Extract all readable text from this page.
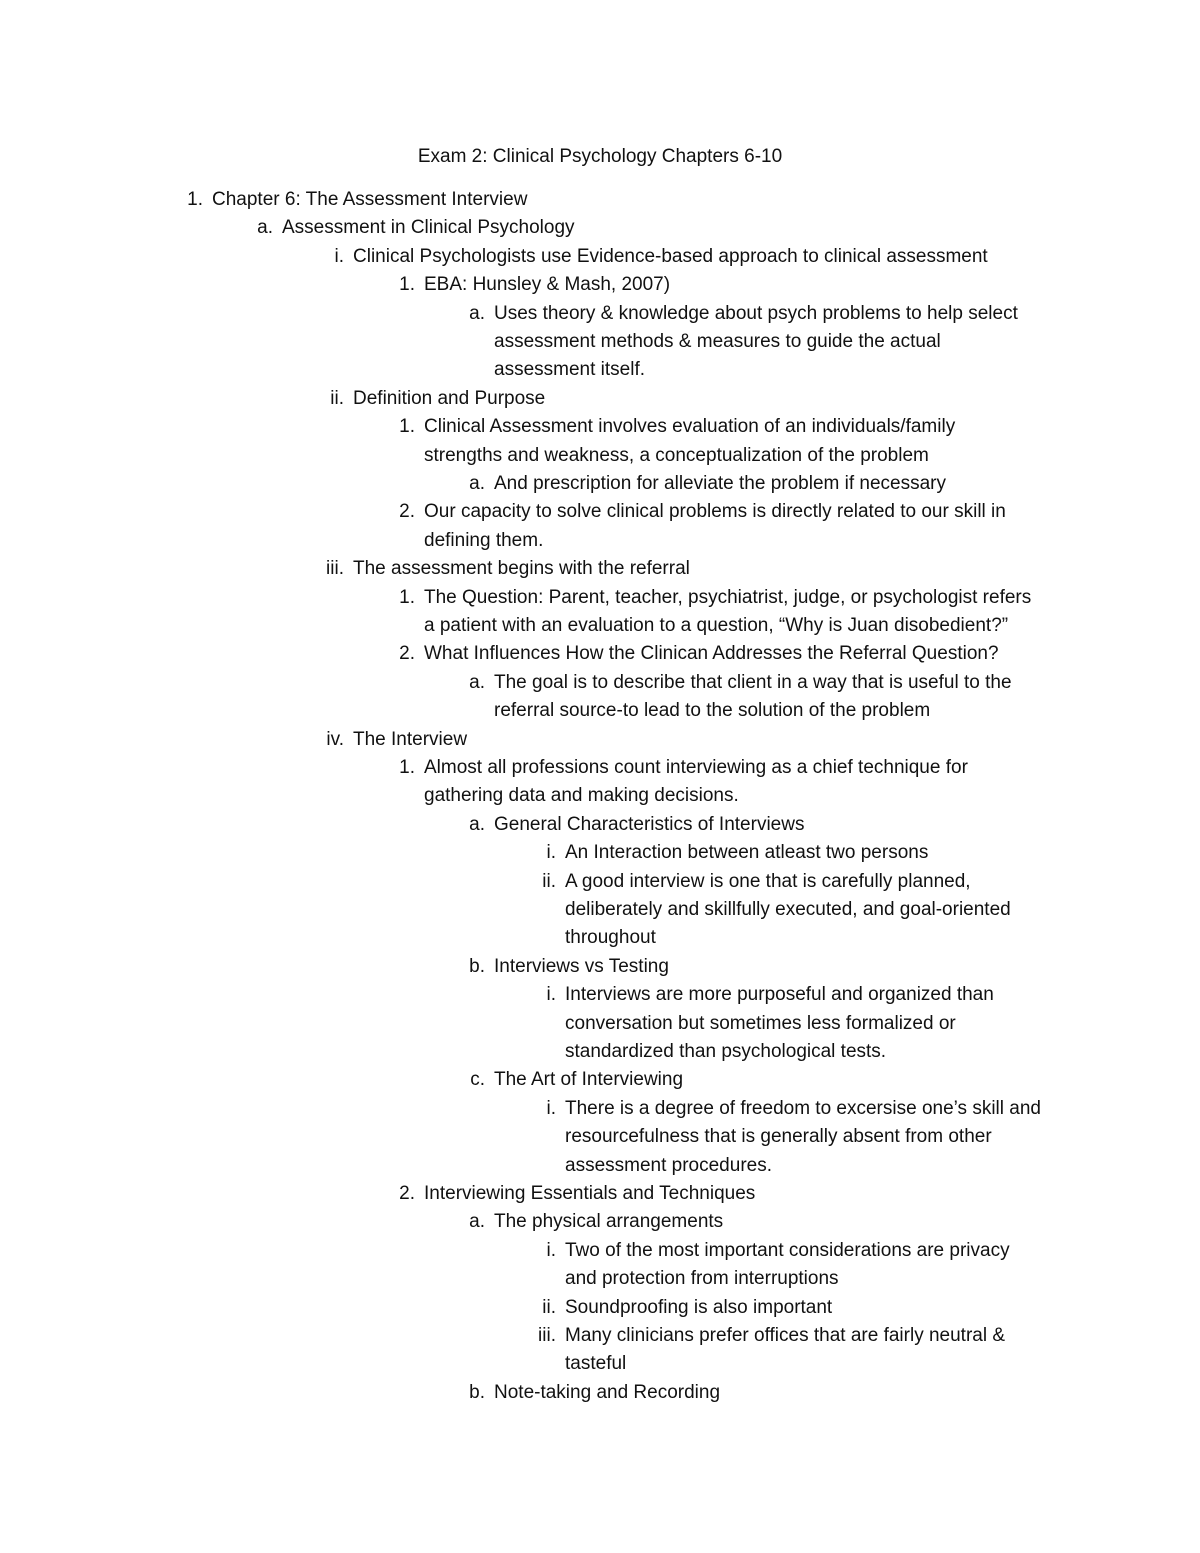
Exam 2: Clinical Psychology Chapters 6-10
1. Chapter 6: The Assessment Interview
a. Assessment in Clinical Psychology
i. Clinical Psychologists use Evidence-based approach to clinical assessment
1. EBA: Hunsley & Mash, 2007)
a. Uses theory & knowledge about psych problems to help select
assessment methods & measures to guide the actual
assessment itself.
ii. Definition and Purpose
1. Clinical Assessment involves evaluation of an individuals/family
strengths and weakness, a conceptualization of the problem
a. And prescription for alleviate the problem if necessary
2. Our capacity to solve clinical problems is directly related to our skill in
defining them.
iii. The assessment begins with the referral
1. The Question: Parent, teacher, psychiatrist, judge, or psychologist refers
a patient with an evaluation to a question, “Why is Juan disobedient?”
2. What Influences How the Clinican Addresses the Referral Question?
a. The goal is to describe that client in a way that is useful to the
referral source-to lead to the solution of the problem
iv. The Interview
1. Almost all professions count interviewing as a chief technique for
gathering data and making decisions.
a. General Characteristics of Interviews
i. An Interaction between atleast two persons
ii. A good interview is one that is carefully planned,
deliberately and skillfully executed, and goal-oriented
throughout
b. Interviews vs Testing
i. Interviews are more purposeful and organized than
conversation but sometimes less formalized or
standardized than psychological tests.
c. The Art of Interviewing
i. There is a degree of freedom to excersise one’s skill and
resourcefulness that is generally absent from other
assessment procedures.
2. Interviewing Essentials and Techniques
a. The physical arrangements
i. Two of the most important considerations are privacy
and protection from interruptions
ii. Soundproofing is also important
iii. Many clinicians prefer offices that are fairly neutral &
tasteful
b. Note-taking and Recording
